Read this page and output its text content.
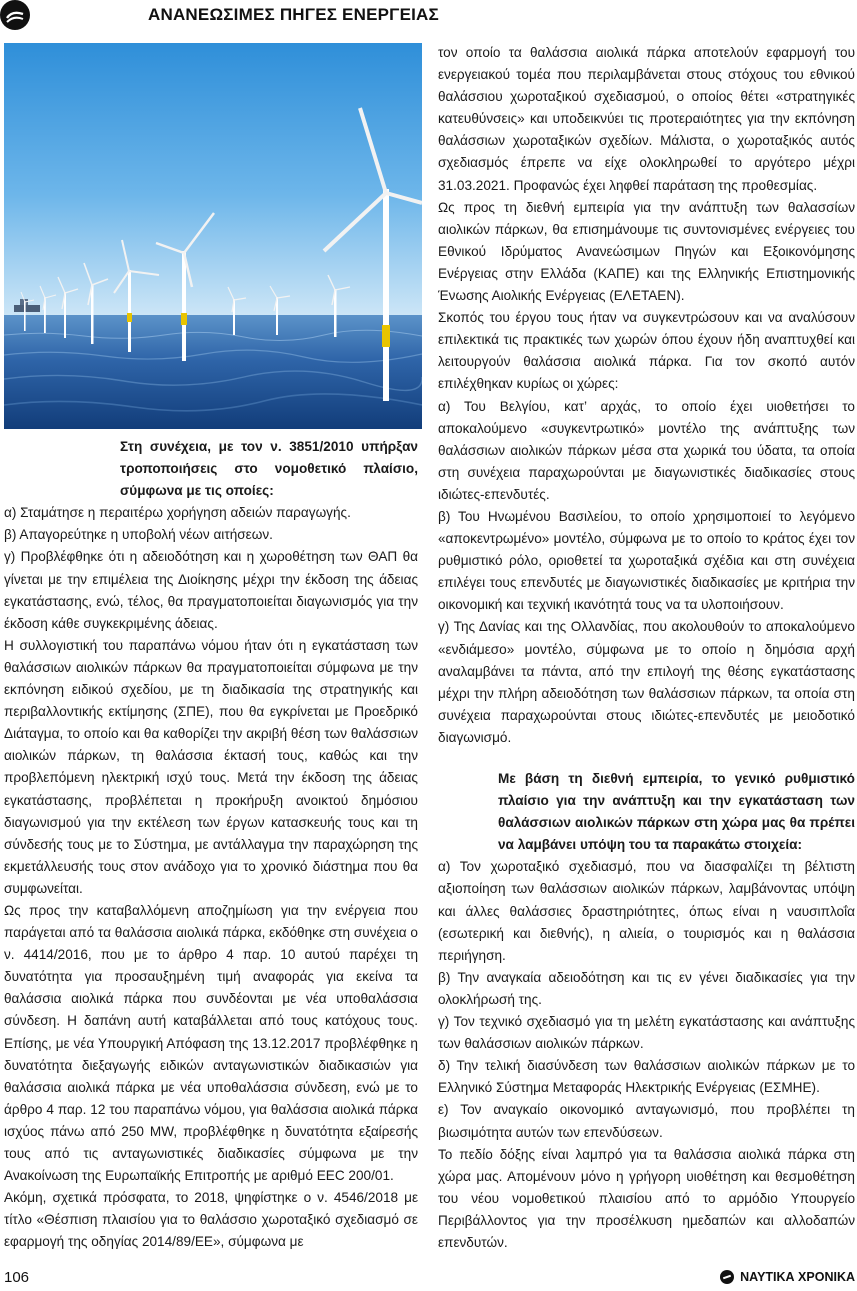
ΑΝΑΝΕΩΣΙΜΕΣ ΠΗΓΕΣ ΕΝΕΡΓΕΙΑΣ

Στη συνέχεια, με τον ν. 3851/2010 υπήρξαν τροποποιήσεις στο νομοθετικό πλαίσιο, σύμφωνα με τις οποίες:

α) Σταμάτησε η περαιτέρω χορήγηση αδειών παραγωγής.

β) Απαγορεύτηκε η υποβολή νέων αιτήσεων.

γ) Προβλέφθηκε ότι η αδειοδότηση και η χωροθέτηση των ΘΑΠ θα γίνεται με την επιμέλεια της Διοίκησης μέχρι την έκδοση της άδειας εγκατάστασης, ενώ, τέλος, θα πραγματοποιείται διαγωνισμός για την έκδοση κάθε συγκεκριμένης άδειας.

Η συλλογιστική του παραπάνω νόμου ήταν ότι η εγκατάσταση των θαλάσσιων αιολικών πάρκων θα πραγματοποιείται σύμφωνα με την εκπόνηση ειδικού σχεδίου, με τη διαδικασία της στρατηγικής και περιβαλλοντικής εκτίμησης (ΣΠΕ), που θα εγκρίνεται με Προεδρικό Διάταγμα, το οποίο και θα καθορίζει την ακριβή θέση των θαλάσσιων αιολικών πάρκων, τη θαλάσσια έκτασή τους, καθώς και την προβλεπόμενη ηλεκτρική ισχύ τους. Μετά την έκδοση της άδειας εγκατάστασης, προβλέπεται η προκήρυξη ανοικτού δημόσιου διαγωνισμού για την εκτέλεση των έργων κατασκευής τους και τη σύνδεσής τους με το Σύστημα, με αντάλλαγμα την παραχώρηση της εκμετάλλευσής τους στον ανάδοχο για το χρονικό διάστημα που θα συμφωνείται.

Ως προς την καταβαλλόμενη αποζημίωση για την ενέργεια που παράγεται από τα θαλάσσια αιολικά πάρκα, εκδόθηκε στη συνέχεια ο ν. 4414/2016, που με το άρθρο 4 παρ. 10 αυτού παρέχει τη δυνατότητα για προσαυξημένη τιμή αναφοράς για εκείνα τα θαλάσσια αιολικά πάρκα που συνδέονται με νέα υποθαλάσσια σύνδεση. Η δαπάνη αυτή καταβάλλεται από τους κατόχους τους. Επίσης, με νέα Υπουργική Απόφαση της 13.12.2017 προβλέφθηκε η δυνατότητα διεξαγωγής ειδικών ανταγωνιστικών διαδικασιών για θαλάσσια αιολικά πάρκα με νέα υποθαλάσσια σύνδεση, ενώ με το άρθρο 4 παρ. 12 του παραπάνω νόμου, για θαλάσσια αιολικά πάρκα ισχύος πάνω από 250 MW, προβλέφθηκε η δυνατότητα εξαίρεσής τους από τις ανταγωνιστικές διαδικασίες σύμφωνα με την Ανακοίνωση της Ευρωπαϊκής Επιτροπής με αριθμό EEC 200/01.

Ακόμη, σχετικά πρόσφατα, το 2018, ψηφίστηκε ο ν. 4546/2018 με τίτλο «Θέσπιση πλαισίου για το θαλάσσιο χωροταξικό σχεδιασμό σε εφαρμογή της οδηγίας 2014/89/ΕΕ», σύμφωνα με

τον οποίο τα θαλάσσια αιολικά πάρκα αποτελούν εφαρμογή του ενεργειακού τομέα που περιλαμβάνεται στους στόχους του εθνικού θαλάσσιου χωροταξικού σχεδιασμού, ο οποίος θέτει «στρατηγικές κατευθύνσεις» και υποδεικνύει τις προτεραιότητες για την εκπόνηση θαλάσσιων χωροταξικών σχεδίων. Μάλιστα, ο χωροταξικός αυτός σχεδιασμός έπρεπε να είχε ολοκληρωθεί το αργότερο μέχρι 31.03.2021. Προφανώς έχει ληφθεί παράταση της προθεσμίας.

Ως προς τη διεθνή εμπειρία για την ανάπτυξη των θαλασσίων αιολικών πάρκων, θα επισημάνουμε τις συντονισμένες ενέργειες του Εθνικού Ιδρύματος Ανανεώσιμων Πηγών και Εξοικονόμησης Ενέργειας στην Ελλάδα (ΚΑΠΕ) και της Ελληνικής Επιστημονικής Ένωσης Αιολικής Ενέργειας (ΕΛΕΤΑΕΝ).

Σκοπός του έργου τους ήταν να συγκεντρώσουν και να αναλύσουν επιλεκτικά τις πρακτικές των χωρών όπου έχουν ήδη αναπτυχθεί και λειτουργούν θαλάσσια αιολικά πάρκα. Για τον σκοπό αυτόν επιλέχθηκαν κυρίως οι χώρες:

α) Του Βελγίου, κατ’ αρχάς, το οποίο έχει υιοθετήσει το αποκαλούμενο «συγκεντρωτικό» μοντέλο της ανάπτυξης των θαλάσσιων αιολικών πάρκων μέσα στα χωρικά του ύδατα, τα οποία στη συνέχεια παραχωρούνται με διαγωνιστικές διαδικασίες στους ιδιώτες-επενδυτές.

β) Του Ηνωμένου Βασιλείου, το οποίο χρησιμοποιεί το λεγόμενο «αποκεντρωμένο» μοντέλο, σύμφωνα με το οποίο το κράτος έχει τον ρυθμιστικό ρόλο, οριοθετεί τα χωροταξικά σχέδια και στη συνέχεια επιλέγει τους επενδυτές με διαγωνιστικές διαδικασίες με κριτήρια την οικονομική και τεχνική ικανότητά τους να τα υλοποιήσουν.

γ) Της Δανίας και της Ολλανδίας, που ακολουθούν το αποκαλούμενο «ενδιάμεσο» μοντέλο, σύμφωνα με το οποίο η δημόσια αρχή αναλαμβάνει τα πάντα, από την επιλογή της θέσης εγκατάστασης μέχρι την πλήρη αδειοδότηση των θαλάσσιων πάρκων, τα οποία στη συνέχεια παραχωρούνται στους ιδιώτες-επενδυτές με μειοδοτικό διαγωνισμό.

Με βάση τη διεθνή εμπειρία, το γενικό ρυθμιστικό πλαίσιο για την ανάπτυξη και την εγκατάσταση των θαλάσσιων αιολικών πάρκων στη χώρα μας θα πρέπει να λαμβάνει υπόψη του τα παρακάτω στοιχεία:

α) Τον χωροταξικό σχεδιασμό, που να διασφαλίζει τη βέλτιστη αξιοποίηση των θαλάσσιων αιολικών πάρκων, λαμβάνοντας υπόψη και άλλες θαλάσσιες δραστηριότητες, όπως είναι η ναυσιπλοΐα (εσωτερική και διεθνής), η αλιεία, ο τουρισμός και η θαλάσσια περιήγηση.

β) Την αναγκαία αδειοδότηση και τις εν γένει διαδικασίες για την ολοκλήρωσή της.

γ) Τον τεχνικό σχεδιασμό για τη μελέτη εγκατάστασης και ανάπτυξης των θαλάσσιων αιολικών πάρκων.

δ) Την τελική διασύνδεση των θαλάσσιων αιολικών πάρκων με το Ελληνικό Σύστημα Μεταφοράς Ηλεκτρικής Ενέργειας (ΕΣΜΗΕ).

ε) Τον αναγκαίο οικονομικό ανταγωνισμό, που προβλέπει τη βιωσιμότητα αυτών των επενδύσεων.

Το πεδίο δόξης είναι λαμπρό για τα θαλάσσια αιολικά πάρκα στη χώρα μας. Απομένουν μόνο η γρήγορη υιοθέτηση και θεσμοθέτηση του νέου νομοθετικού πλαισίου από το αρμόδιο Υπουργείο Περιβάλλοντος για την προσέλκυση ημεδαπών και αλλοδαπών επενδυτών.

106	ΝΑΥΤΙΚΑ ΧΡΟΝΙΚΑ
